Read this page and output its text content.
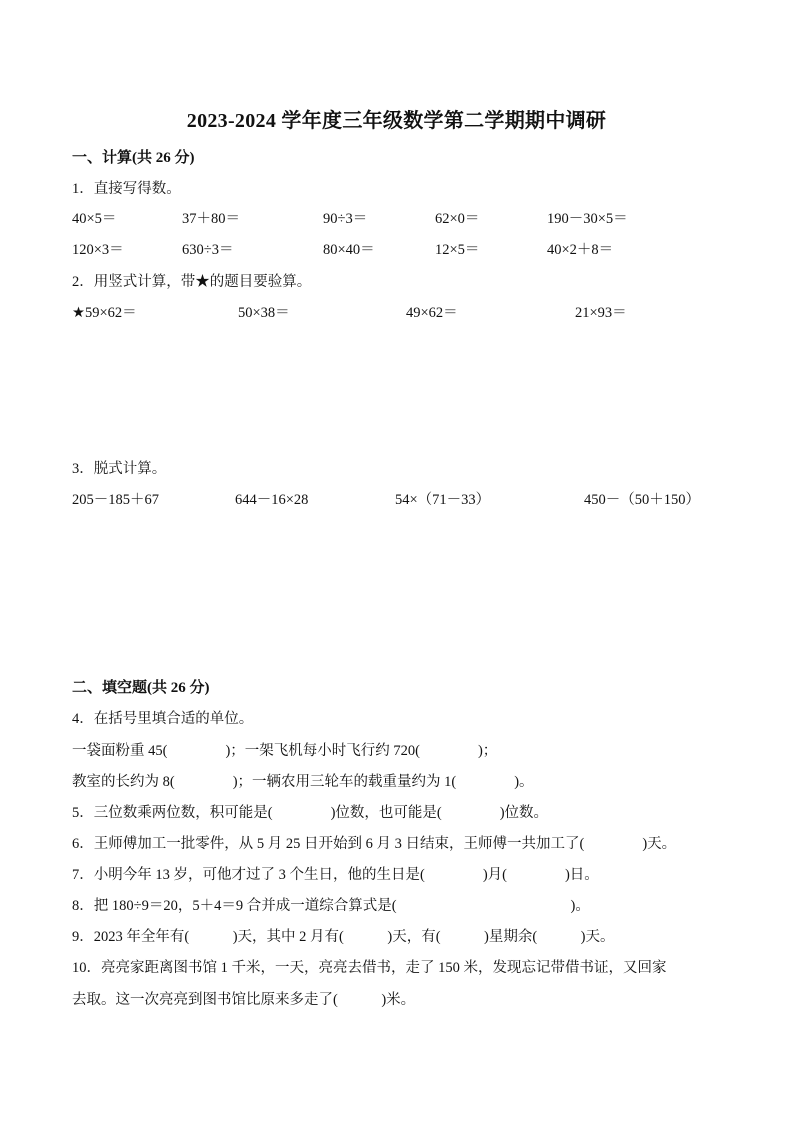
2023-2024 学年度三年级数学第二学期期中调研
一、计算(共 26 分)
1．直接写得数。
40×5＝	37＋80＝	90÷3＝	62×0＝	190－30×5＝
120×3＝	630÷3＝	80×40＝	12×5＝	40×2＋8＝
2．用竖式计算，带★的题目要验算。
★59×62＝	50×38＝	49×62＝	21×93＝
3．脱式计算。
205－185＋67	644－16×28	54×（71－33）	450－（50＋150）
二、填空题(共 26 分)
4．在括号里填合适的单位。
一袋面粉重 45(　　　　)；一架飞机每小时飞行约 720(　　　　)；
教室的长约为 8(　　　　)；一辆农用三轮车的载重量约为 1(　　　　)。
5．三位数乘两位数，积可能是(　　　　)位数，也可能是(　　　　)位数。
6．王师傅加工一批零件，从 5 月 25 日开始到 6 月 3 日结束，王师傅一共加工了(　　　　)天。
7．小明今年 13 岁，可他才过了 3 个生日，他的生日是(　　　　)月(　　　　)日。
8．把 180÷9＝20，5＋4＝9 合并成一道综合算式是(　　　　　　　　　　　　)。
9．2023 年全年有(　　　)天，其中 2 月有(　　　)天，有(　　　)星期余(　　　)天。
10．亮亮家距离图书馆 1 千米，一天，亮亮去借书，走了 150 米，发现忘记带借书证，又回家
去取。这一次亮亮到图书馆比原来多走了(　　　)米。
